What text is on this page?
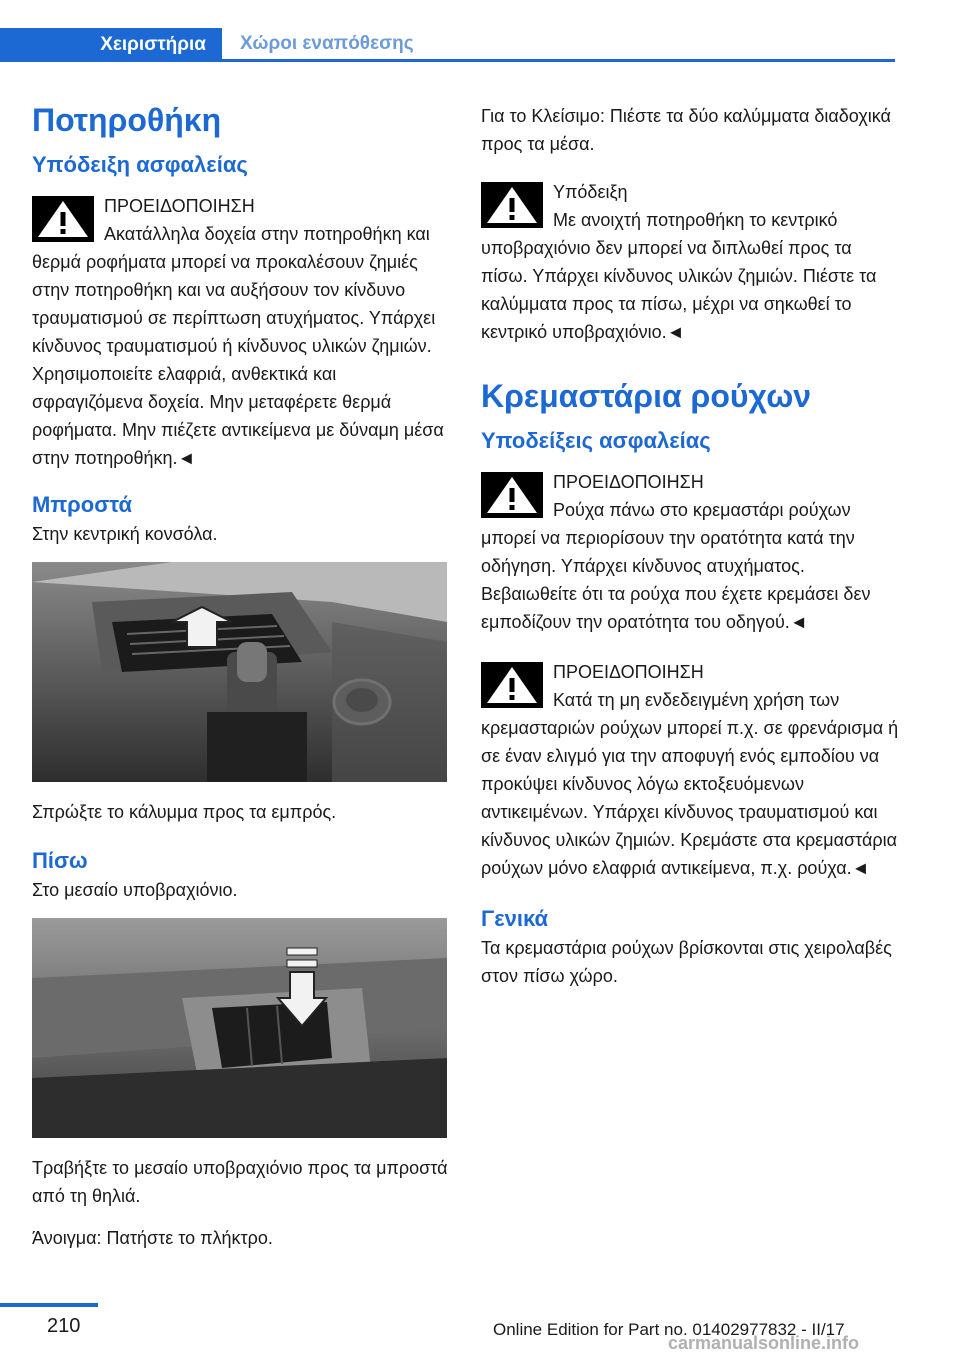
Χειριστήρια	Χώροι εναπόθεσης
Ποτηροθήκη
Υπόδειξη ασφαλείας

ΠΡΟΕΙΔΟΠΟΙΗΣΗ
Ακατάλληλα δοχεία στην ποτηροθήκη και θερμά ροφήματα μπορεί να προκαλέσουν ζημιές στην ποτηροθήκη και να αυξήσουν τον κίνδυνο τραυματισμού σε περίπτωση ατυχήματος. Υπάρχει κίνδυνος τραυματισμού ή κίνδυνος υλικών ζημιών. Χρησιμοποιείτε ελαφριά, ανθεκτικά και σφραγιζόμενα δοχεία. Μην μεταφέρετε θερμά ροφήματα. Μην πιέζετε αντικείμενα με δύναμη μέσα στην ποτηροθήκη.◄

Μπροστά

Στην κεντρική κονσόλα.

Σπρώξτε το κάλυμμα προς τα εμπρός.

Πίσω

Στο μεσαίο υποβραχιόνιο.

Τραβήξτε το μεσαίο υποβραχιόνιο προς τα μπροστά από τη θηλιά.

Άνοιγμα: Πατήστε το πλήκτρο.

Για το Κλείσιμο: Πιέστε τα δύο καλύμματα διαδοχικά προς τα μέσα.

Υπόδειξη
Με ανοιχτή ποτηροθήκη το κεντρικό υποβραχιόνιο δεν μπορεί να διπλωθεί προς τα πίσω. Υπάρχει κίνδυνος υλικών ζημιών. Πιέστε τα καλύμματα προς τα πίσω, μέχρι να σηκωθεί το κεντρικό υποβραχιόνιο.◄

Κρεμαστάρια ρούχων
Υποδείξεις ασφαλείας

ΠΡΟΕΙΔΟΠΟΙΗΣΗ
Ρούχα πάνω στο κρεμαστάρι ρούχων μπορεί να περιορίσουν την ορατότητα κατά την οδήγηση. Υπάρχει κίνδυνος ατυχήματος. Βεβαιωθείτε ότι τα ρούχα που έχετε κρεμάσει δεν εμποδίζουν την ορατότητα του οδηγού.◄

ΠΡΟΕΙΔΟΠΟΙΗΣΗ
Κατά τη μη ενδεδειγμένη χρήση των κρεμασταριών ρούχων μπορεί π.χ. σε φρενάρισμα ή σε έναν ελιγμό για την αποφυγή ενός εμποδίου να προκύψει κίνδυνος λόγω εκτοξευόμενων αντικειμένων. Υπάρχει κίνδυνος τραυματισμού και κίνδυνος υλικών ζημιών. Κρεμάστε στα κρεμαστάρια ρούχων μόνο ελαφριά αντικείμενα, π.χ. ρούχα.◄

Γενικά

Τα κρεμαστάρια ρούχων βρίσκονται στις χειρολαβές στον πίσω χώρο.

210	Online Edition for Part no. 01402977832 - II/17
carmanualsonline.info
